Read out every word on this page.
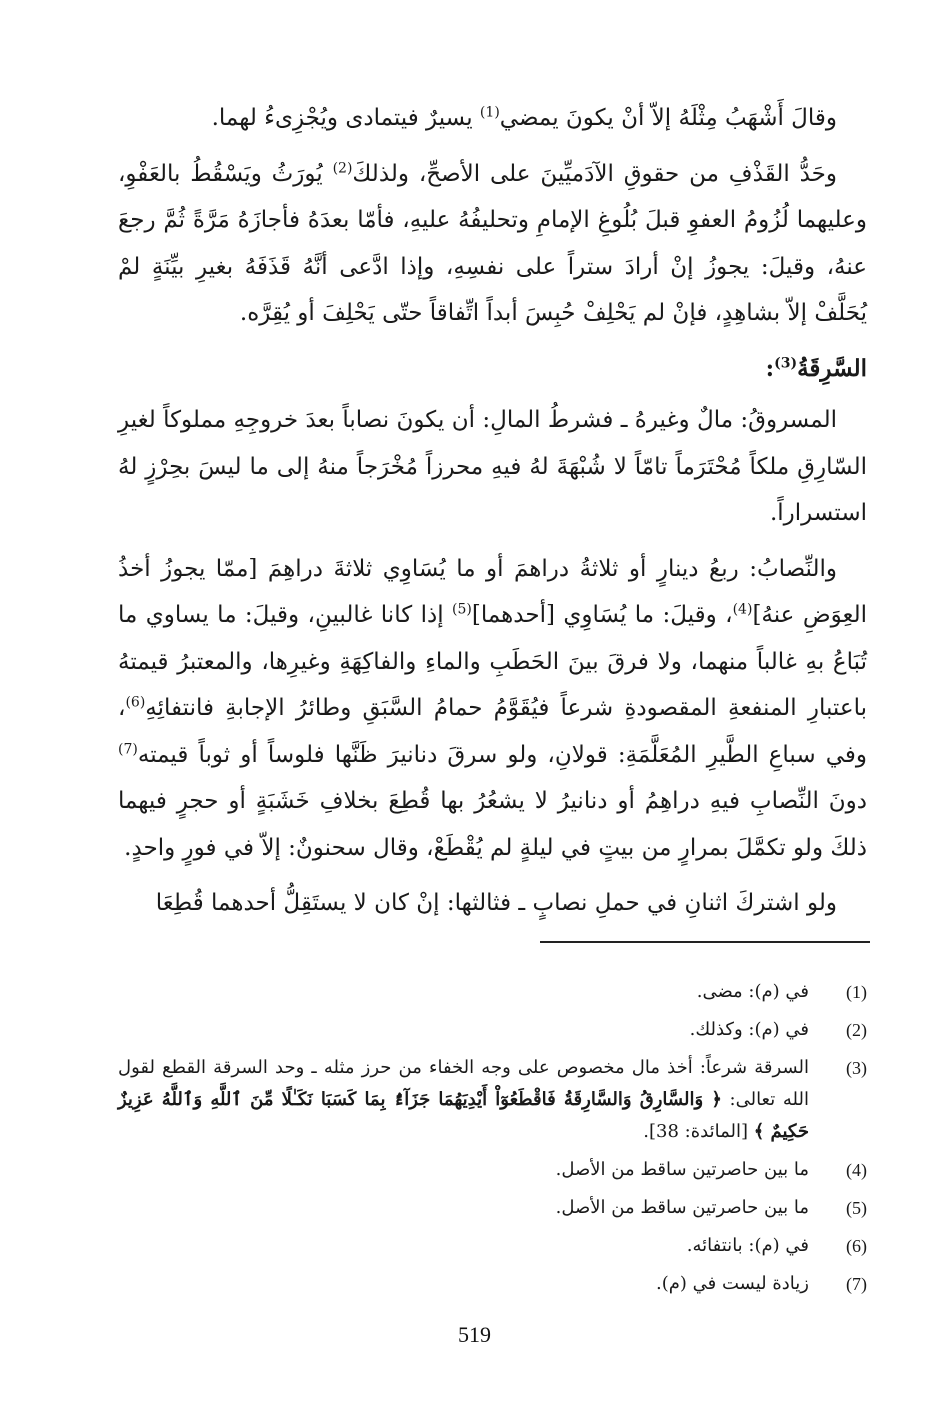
وقالَ أَشْهَبُ مِثْلَهُ إلاّ أنْ يكونَ يمضي$^{(1)}$ يسيرٌ فيتمادى ويُجْزِىءُ لهما.

وحَدُّ القَذْفِ من حقوقِ الآدَميِّينَ على الأصحِّ، ولذلكَ$^{(2)}$ يُورَثُ ويَسْقُطُ بالعَفْوِ، وعليهما لُزُومُ العفوِ قبلَ بُلُوغِ الإمامِ وتحليفُهُ عليهِ، فأمّا بعدَهُ فأجازَهُ مَرَّةً ثُمَّ رجعَ عنهُ، وقيلَ: يجوزُ إنْ أرادَ ستراً على نفسِهِ، وإذا ادَّعى أنَّهُ قَذَفَهُ بغيرِ بيِّنَةٍ لمْ يُحَلَّفْ إلاّ بشاهِدٍ، فإنْ لم يَحْلِفْ حُبِسَ أبداً اتِّفاقاً حتّى يَحْلِفَ أو يُقِرَّه.

السَّرِقَةُ$^{(3)}$:

المسروقُ: مالٌ وغيرهُ ـ فشرطُ المالِ: أن يكونَ نصاباً بعدَ خروجِهِ مملوكاً لغيرِ السّارِقِ ملكاً مُحْتَرَماً تامّاً لا شُبْهَةَ لهُ فيهِ محرزاً مُخْرَجاً منهُ إلى ما ليسَ بحِرْزٍ لهُ استسراراً.

والنِّصابُ: ربعُ دينارٍ أو ثلاثةُ دراهمَ أو ما يُسَاوِي ثلاثةَ دراهِمَ [ممّا يجوزُ أخذُ العِوَضِ عنهُ]$^{(4)}$، وقيلَ: ما يُسَاوِي [أحدهما]$^{(5)}$ إذا كانا غالبينِ، وقيلَ: ما يساوي ما تُبَاعُ بهِ غالباً منهما، ولا فرقَ بينَ الحَطَبِ والماءِ والفاكِهَةِ وغيرِها، والمعتبرُ قيمتهُ باعتبارِ المنفعةِ المقصودةِ شرعاً فيُقَوَّمُ حمامُ السَّبَقِ وطائرُ الإجابةِ فانتفائِهِ$^{(6)}$، وفي سباعِ الطَّيرِ المُعَلَّمَةِ: قولانِ، ولو سرقَ دنانيرَ ظَنَّها فلوساً أو ثوباً قيمته$^{(7)}$ دونَ النِّصابِ فيهِ دراهِمُ أو دنانيرُ لا يشعُرُ بها قُطِعَ بخلافِ خَشَبَةٍ أو حجرٍ فيهما ذلكَ ولو تكمَّلَ بمرارٍ من بيتٍ في ليلةٍ لم يُقْطَعْ، وقال سحنونٌ: إلاّ في فورٍ واحدٍ.

ولو اشتركَ اثنانِ في حملِ نصابٍ ـ فثالثها: إنْ كان لا يستَقِلُّ أحدهما قُطِعَا

(1)
في (م): مضى.
(2)
في (م): وكذلك.
(3)
السرقة شرعاً: أخذ مال مخصوص على وجه الخفاء من حرز مثله ـ وحد السرقة القطع لقول الله تعالى: ﴿ وَالسَّارِقُ وَالسَّارِقَةُ فَاقْطَعُوٓاْ أَيْدِيَهُمَا جَزَآءًۢ بِمَا كَسَبَا نَكَـٰلًا مِّنَ ٱللَّهِ وَٱللَّهُ عَزِيزٌ حَكِيمٌ ﴾ [المائدة: 38].
(4)
ما بين حاصرتين ساقط من الأصل.
(5)
ما بين حاصرتين ساقط من الأصل.
(6)
في (م): بانتفائه.
(7)
زيادة ليست في (م).
519
